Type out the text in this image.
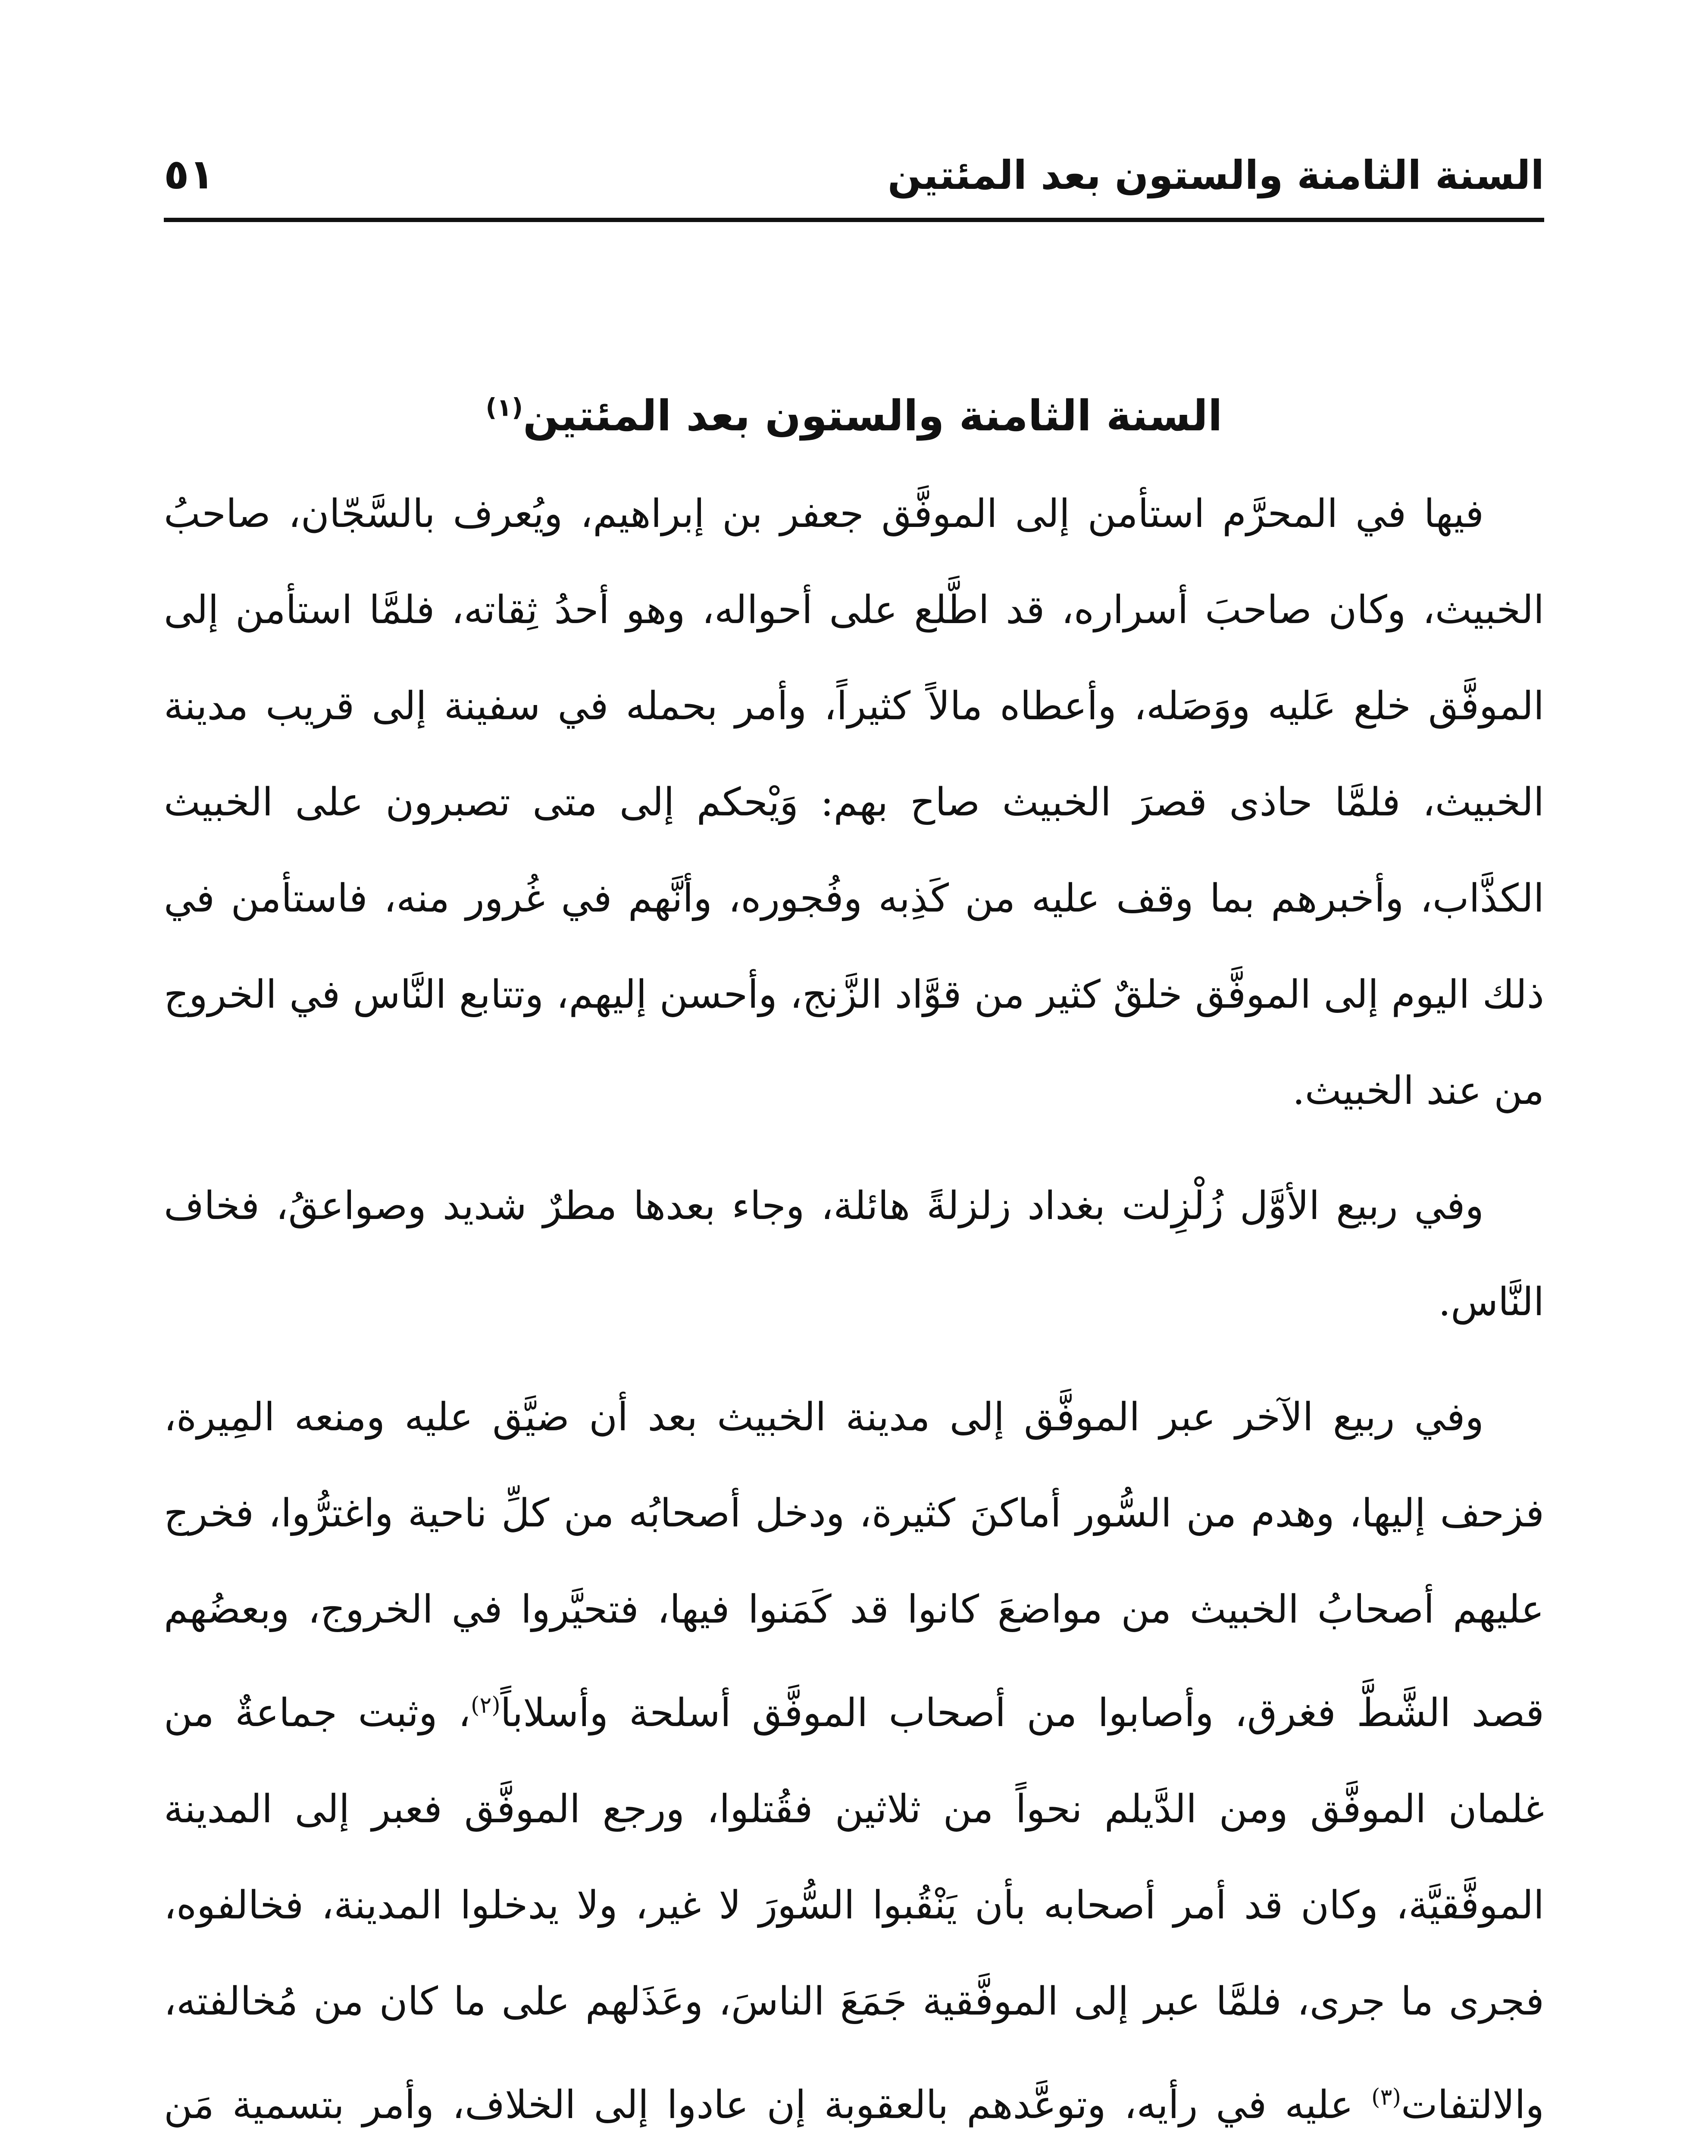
السنة الثامنة والستون بعد المئتين
٥١
السنة الثامنة والستون بعد المئتين$^{(١)}$

فيها في المحرَّم استأمن إلى الموفَّق جعفر بن إبراهيم، ويُعرف بالسَّجّان، صاحبُ الخبيث، وكان صاحبَ أسراره، قد اطَّلع على أحواله، وهو أحدُ ثِقاته، فلمَّا استأمن إلى الموفَّق خلع عَليه ووَصَله، وأعطاه مالاً كثيراً، وأمر بحمله في سفينة إلى قريب مدينة الخبيث، فلمَّا حاذى قصرَ الخبيث صاح بهم: وَيْحكم إلى متى تصبرون على الخبيث الكذَّاب، وأخبرهم بما وقف عليه من كَذِبه وفُجوره، وأنَّهم في غُرور منه، فاستأمن في ذلك اليوم إلى الموفَّق خلقٌ كثير من قوَّاد الزَّنج، وأحسن إليهم، وتتابع النَّاس في الخروج من عند الخبيث.

وفي ربيع الأوَّل زُلْزِلت بغداد زلزلةً هائلة، وجاء بعدها مطرٌ شديد وصواعقُ، فخاف النَّاس.

وفي ربيع الآخر عبر الموفَّق إلى مدينة الخبيث بعد أن ضيَّق عليه ومنعه المِيرة، فزحف إليها، وهدم من السُّور أماكنَ كثيرة، ودخل أصحابُه من كلِّ ناحية واغترُّوا، فخرج عليهم أصحابُ الخبيث من مواضعَ كانوا قد كَمَنوا فيها، فتحيَّروا في الخروج، وبعضُهم قصد الشَّطَّ فغرق، وأصابوا من أصحاب الموفَّق أسلحة وأسلاباً$^{(٢)}$، وثبت جماعةٌ من غلمان الموفَّق ومن الدَّيلم نحواً من ثلاثين فقُتلوا، ورجع الموفَّق فعبر إلى المدينة الموفَّقيَّة، وكان قد أمر أصحابه بأن يَنْقُبوا السُّورَ لا غير، ولا يدخلوا المدينة، فخالفوه، فجرى ما جرى، فلمَّا عبر إلى الموفَّقية جَمَعَ الناسَ، وعَذَلهم على ما كان من مُخالفته، والالتفات$^{(٣)}$ عليه في رأيه، وتوعَّدهم بالعقوبة إن عادوا إلى الخلاف، وأمر بتسمية مَن
